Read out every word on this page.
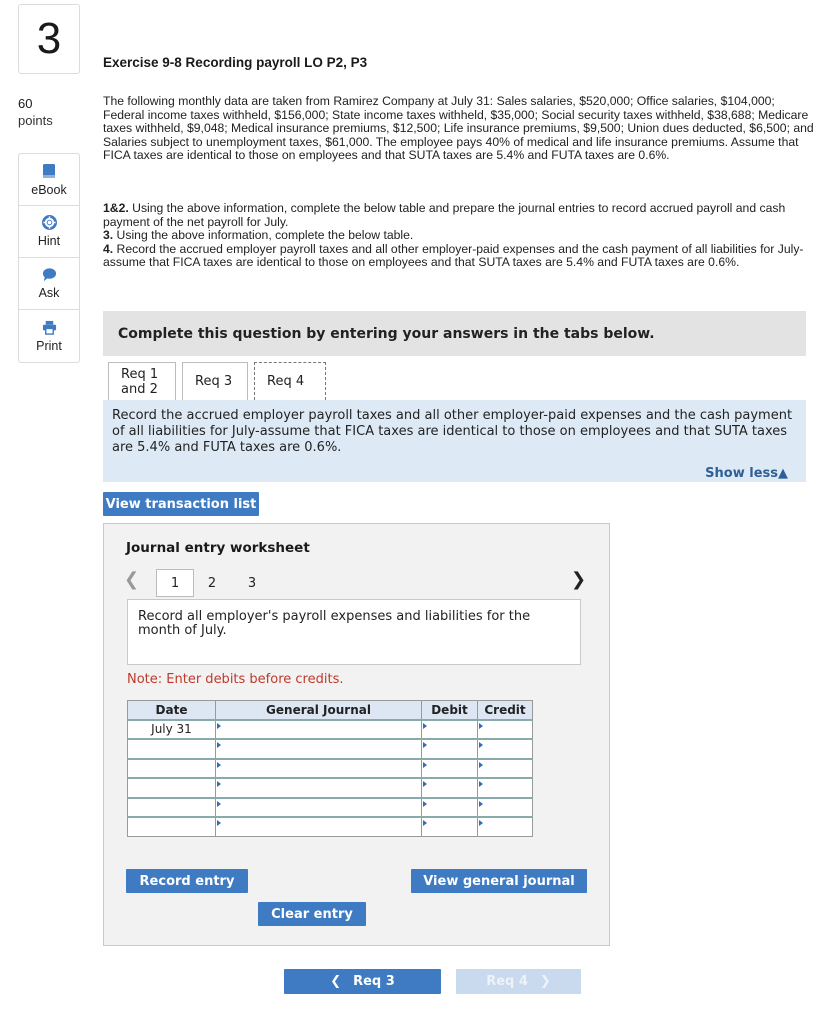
3
60
points
eBook
Hint
Ask
Print
Exercise 9-8 Recording payroll LO P2, P3
The following monthly data are taken from Ramirez Company at July 31: Sales salaries, $520,000; Office salaries, $104,000; Federal income taxes withheld, $156,000; State income taxes withheld, $35,000; Social security taxes withheld, $38,688; Medicare taxes withheld, $9,048; Medical insurance premiums, $12,500; Life insurance premiums, $9,500; Union dues deducted, $6,500; and Salaries subject to unemployment taxes, $61,000. The employee pays 40% of medical and life insurance premiums. Assume that FICA taxes are identical to those on employees and that SUTA taxes are 5.4% and FUTA taxes are 0.6%.
1&2. Using the above information, complete the below table and prepare the journal entries to record accrued payroll and cash payment of the net payroll for July.
3. Using the above information, complete the below table.
4. Record the accrued employer payroll taxes and all other employer-paid expenses and the cash payment of all liabilities for July-assume that FICA taxes are identical to those on employees and that SUTA taxes are 5.4% and FUTA taxes are 0.6%.
Complete this question by entering your answers in the tabs below.
Req 1 and 2	Req 3	Req 4
Record the accrued employer payroll taxes and all other employer-paid expenses and the cash payment of all liabilities for July-assume that FICA taxes are identical to those on employees and that SUTA taxes are 5.4% and FUTA taxes are 0.6%.
Show less▲
View transaction list
Journal entry worksheet
❮	1	2	3	❯
Record all employer's payroll expenses and liabilities for the month of July.
Note: Enter debits before credits.
Date	General Journal	Debit	Credit
July 31	

Record entry	View general journal
Clear entry
❮ Req 3	Req 4 ❯
